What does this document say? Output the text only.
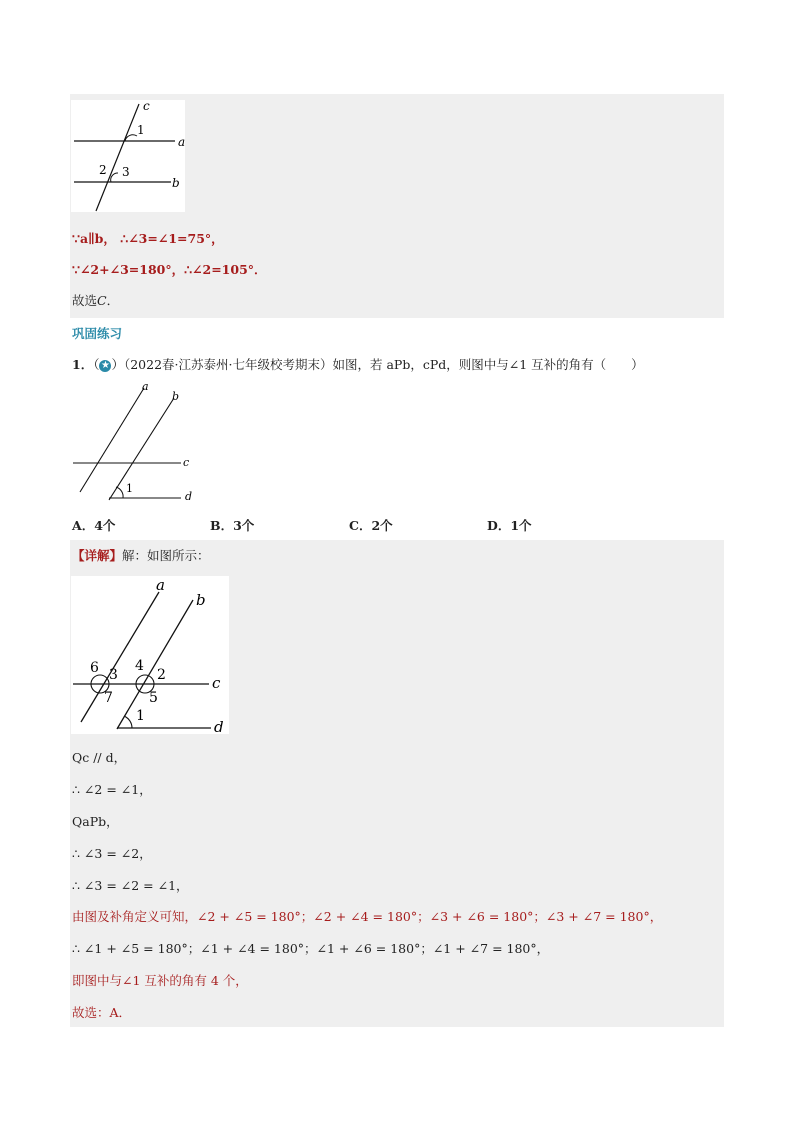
c
1
a
2 3
b
∵a∥b， ∴∠3=∠1=75°，
∵∠2+∠3=180°，∴∠2=105°．
故选C．
巩固练习
1．（ ★ ）（2022春·江苏泰州·七年级校考期末）如图，若 aPb，cPd，则图中与∠1 互补的角有（　　）
a
b
c
1
d
A．4个	B．3个	C．2个	D．1个
【详解】解：如图所示：
a
b
6 3
4
2	c
7	5
1
d
Qc // d，
∴ ∠2 = ∠1，
QaPb，
∴ ∠3 = ∠2，
∴ ∠3 = ∠2 = ∠1，
由图及补角定义可知，∠2 + ∠5 = 180°；∠2 + ∠4 = 180°；∠3 + ∠6 = 180°；∠3 + ∠7 = 180°，
∴ ∠1 + ∠5 = 180°；∠1 + ∠4 = 180°；∠1 + ∠6 = 180°；∠1 + ∠7 = 180°，
即图中与∠1 互补的角有 4 个，
故选：A．
